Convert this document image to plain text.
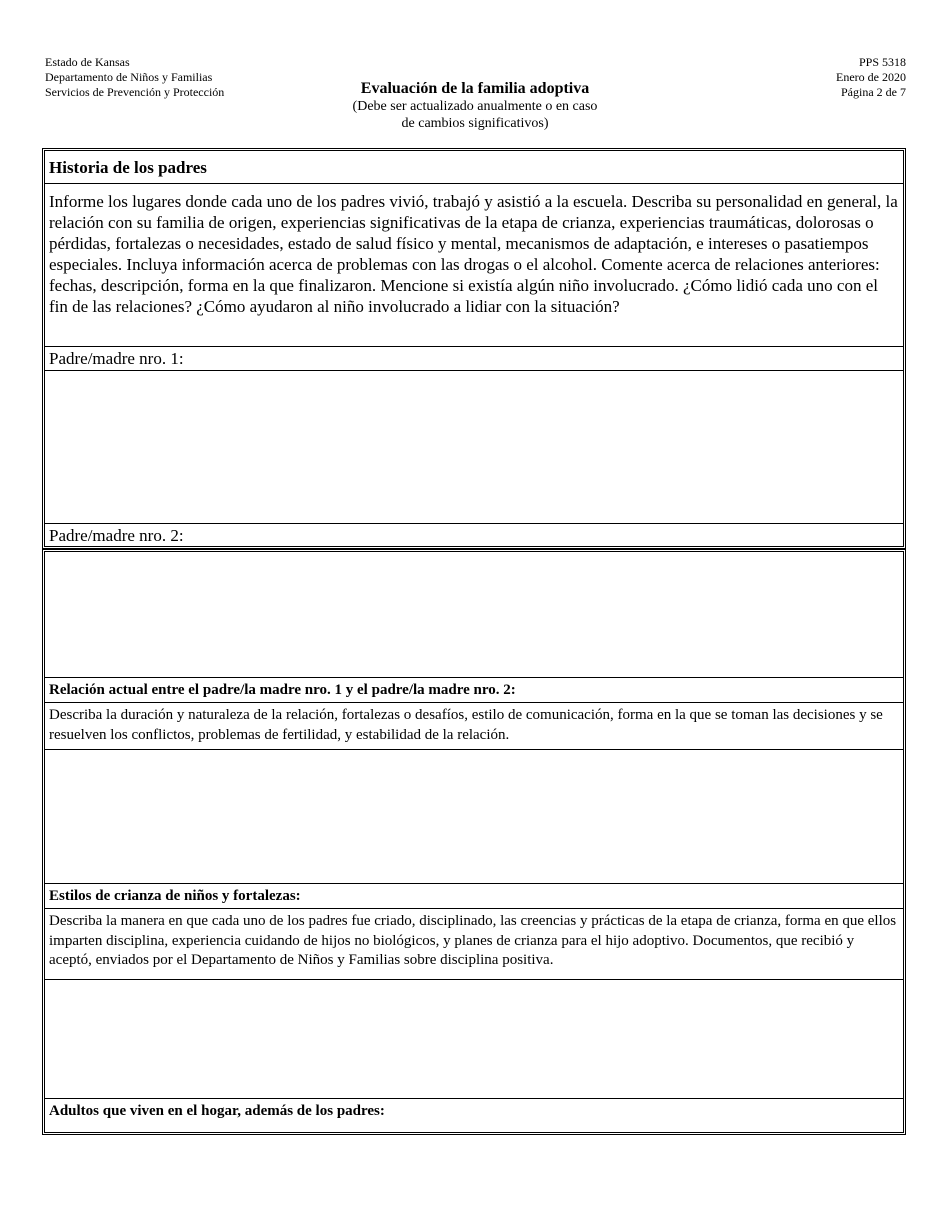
Estado de Kansas
Departamento de Niños y Familias
Servicios de Prevención y Protección	Evaluación de la familia adoptiva
(Debe ser actualizado anualmente o en caso
de cambios significativos)
PPS 5318
Enero de 2020
Página 2 de 7
Historia de los padres
Informe los lugares donde cada uno de los padres vivió, trabajó y asistió a la escuela. Describa su personalidad en general, la relación con su familia de origen, experiencias significativas de la etapa de crianza, experiencias traumáticas, dolorosas o pérdidas, fortalezas o necesidades, estado de salud físico y mental, mecanismos de adaptación, e intereses o pasatiempos especiales. Incluya información acerca de problemas con las drogas o el alcohol. Comente acerca de relaciones anteriores: fechas, descripción, forma en la que finalizaron. Mencione si existía algún niño involucrado. ¿Cómo lidió cada uno con el fin de las relaciones? ¿Cómo ayudaron al niño involucrado a lidiar con la situación?
Padre/madre nro. 1:
Padre/madre nro. 2:
Relación actual entre el padre/la madre nro. 1 y el padre/la madre nro. 2:
Describa la duración y naturaleza de la relación, fortalezas o desafíos, estilo de comunicación, forma en la que se toman las decisiones y se resuelven los conflictos, problemas de fertilidad, y estabilidad de la relación.
Estilos de crianza de niños y fortalezas:
Describa la manera en que cada uno de los padres fue criado, disciplinado, las creencias y prácticas de la etapa de crianza, forma en que ellos imparten disciplina, experiencia cuidando de hijos no biológicos, y planes de crianza para el hijo adoptivo. Documentos, que recibió y aceptó, enviados por el Departamento de Niños y Familias sobre disciplina positiva.
Adultos que viven en el hogar, además de los padres:
